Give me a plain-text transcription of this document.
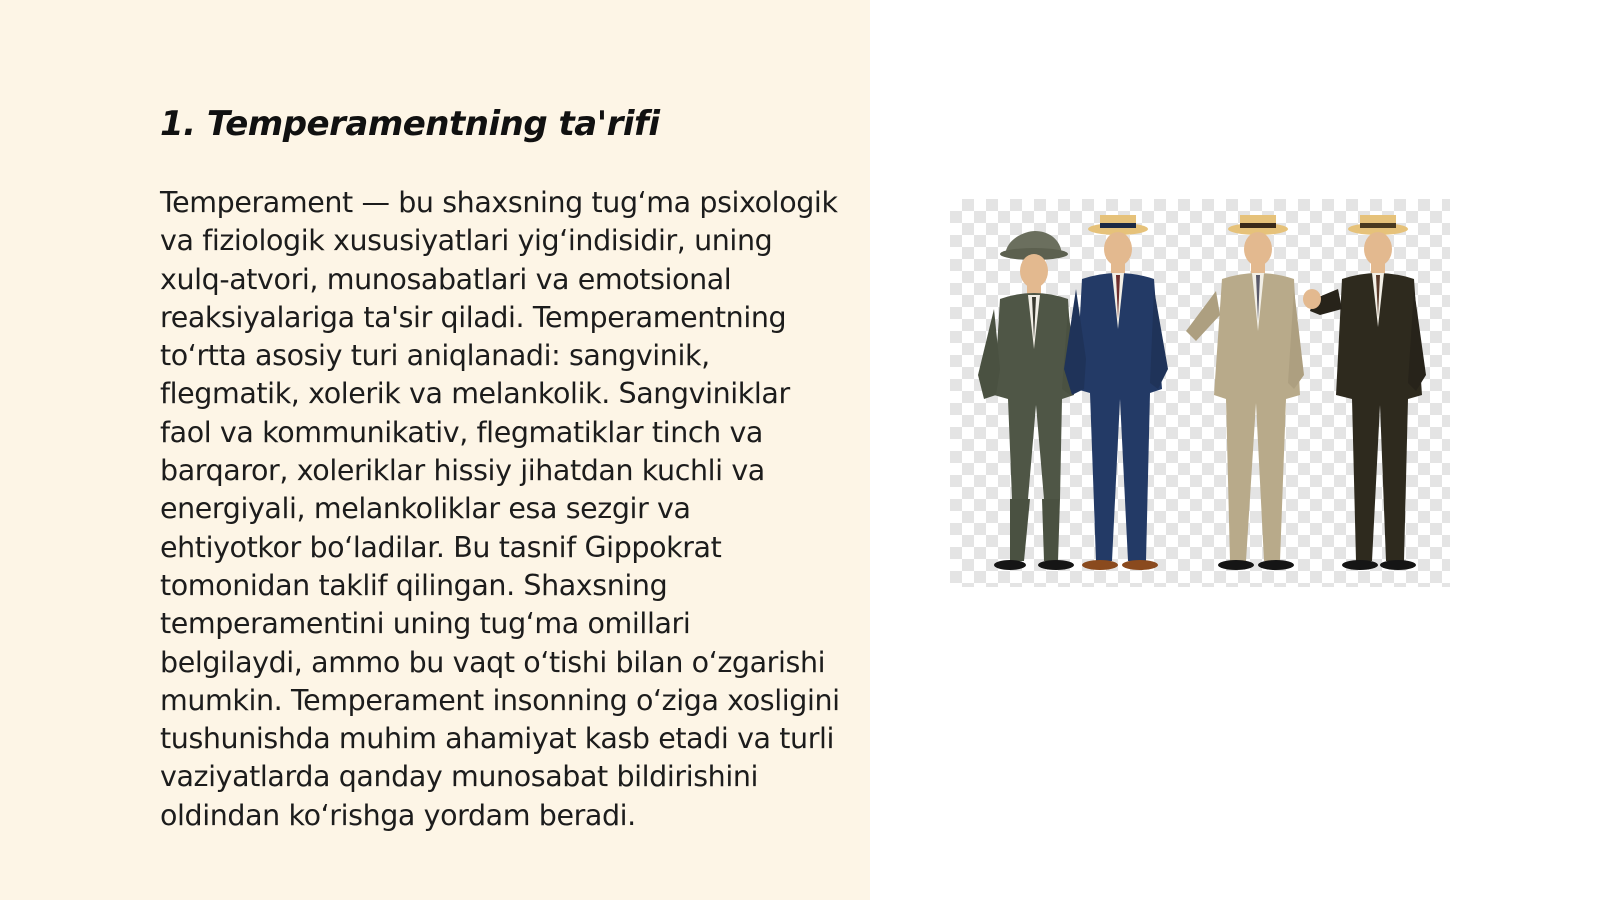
1. Temperamentning ta'rifi

Temperament — bu shaxsning tug‘ma psixologik va fiziologik xususiyatlari yig‘indisidir, uning xulq-atvori, munosabatlari va emotsional reaksiyalariga ta'sir qiladi. Temperamentning to‘rtta asosiy turi aniqlanadi: sangvinik, flegmatik, xolerik va melankolik. Sangviniklar faol va kommunikativ, flegmatiklar tinch va barqaror, xoleriklar hissiy jihatdan kuchli va energiyali, melankoliklar esa sezgir va ehtiyotkor bo‘ladilar. Bu tasnif Gippokrat tomonidan taklif qilingan. Shaxsning temperamentini uning tug‘ma omillari belgilaydi, ammo bu vaqt o‘tishi bilan o‘zgarishi mumkin. Temperament insonning o‘ziga xosligini tushunishda muhim ahamiyat kasb etadi va turli vaziyatlarda qanday munosabat bildirishini oldindan ko‘rishga yordam beradi.
